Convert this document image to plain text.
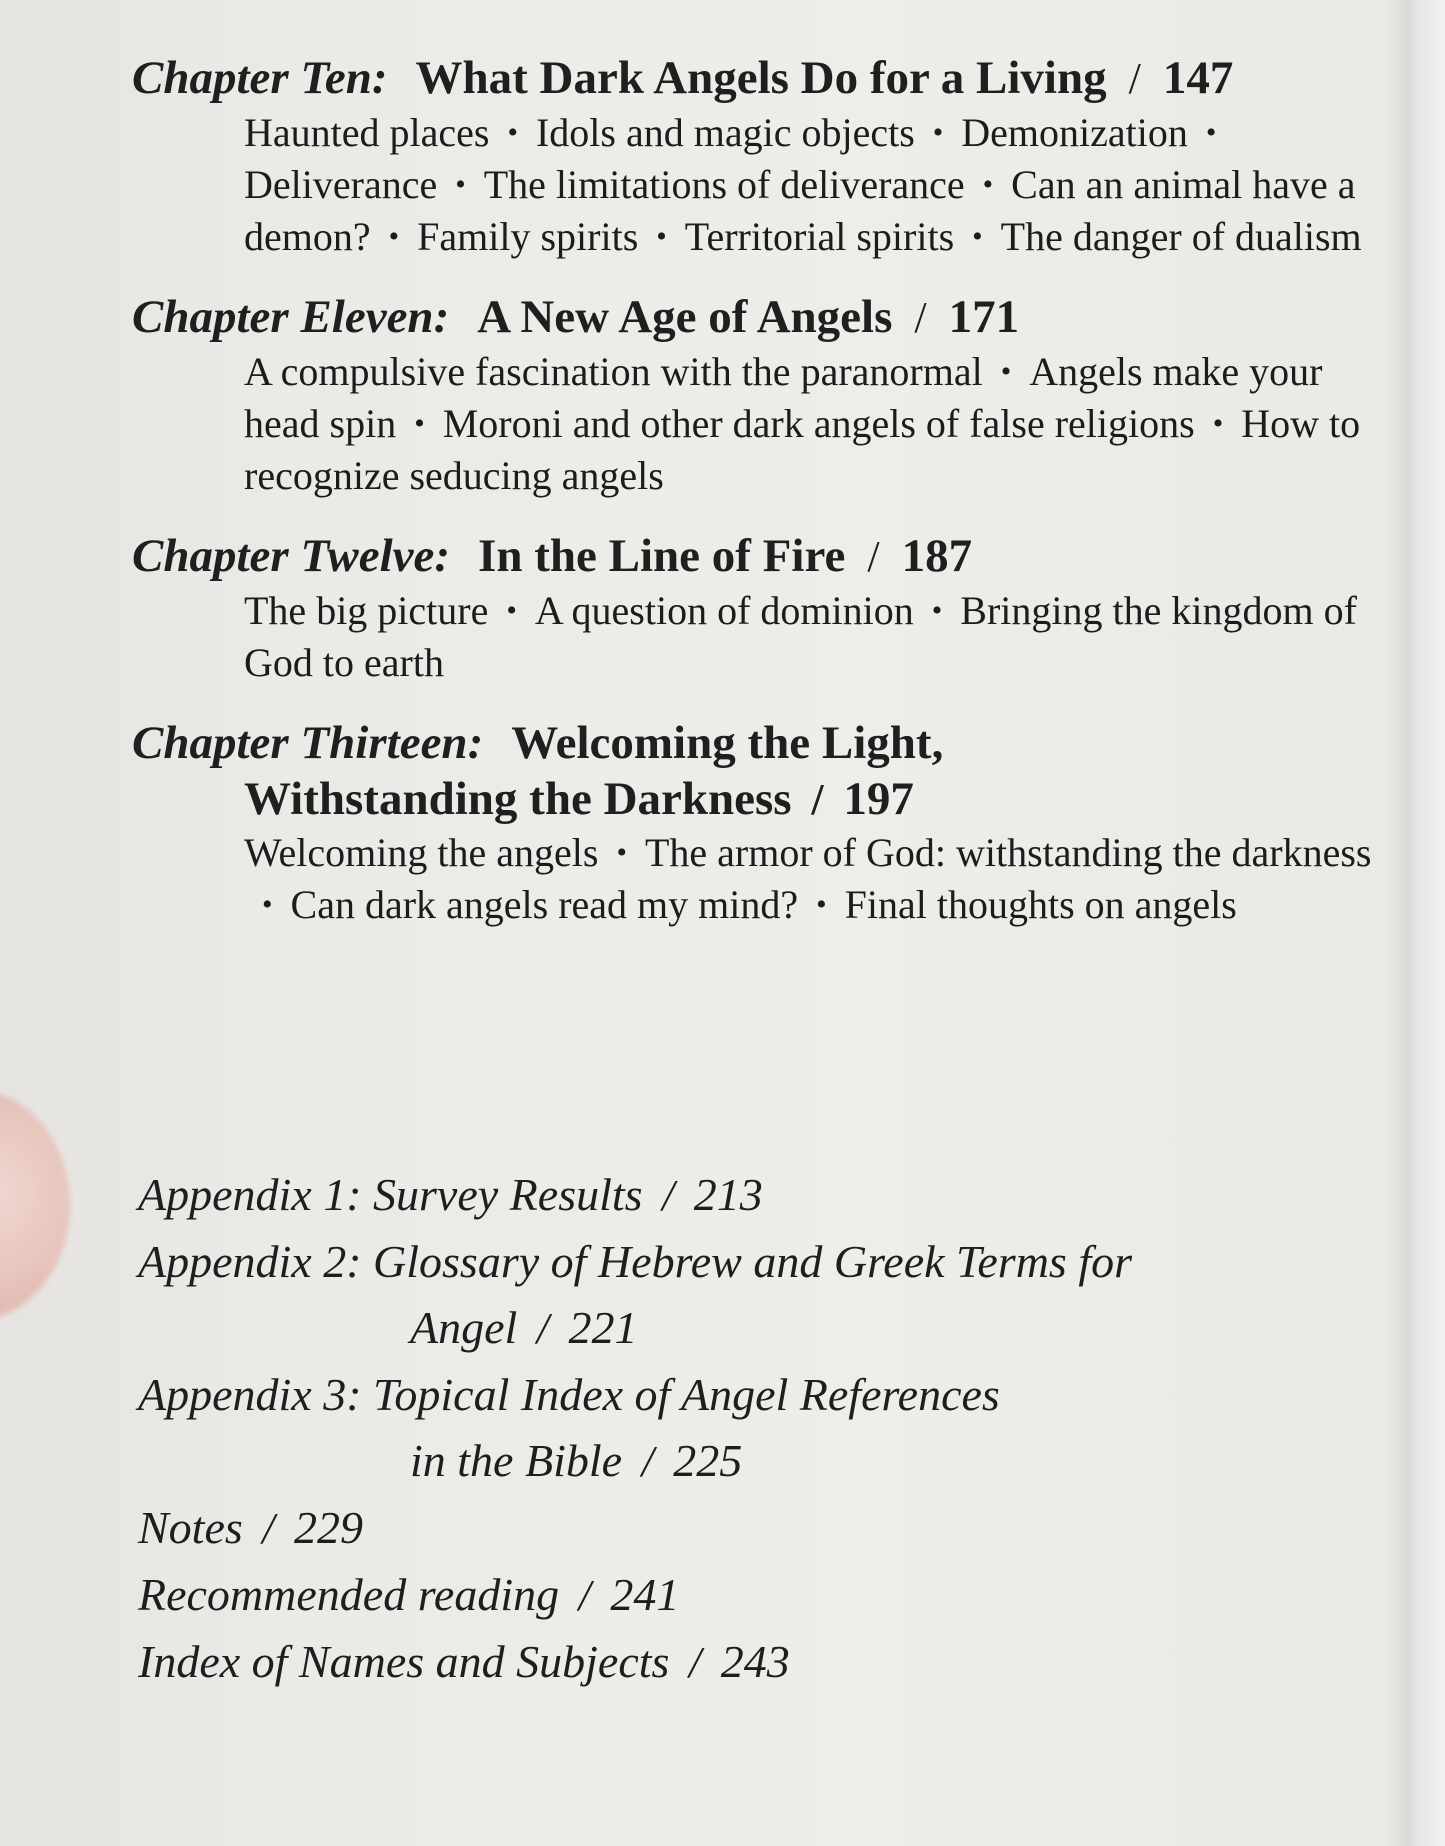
Chapter Ten: What Dark Angels Do for a Living / 147
Haunted places • Idols and magic objects • Demonization •Deliverance • The limitations of deliverance • Can an animal have a demon? • Family spirits • Territorial spirits • The danger of dualism
Chapter Eleven: A New Age of Angels / 171
A compulsive fascination with the paranormal • Angels make your head spin • Moroni and other dark angels of false religions • How to recognize seducing angels
Chapter Twelve: In the Line of Fire / 187
The big picture • A question of dominion • Bringing the kingdom of God to earth
Chapter Thirteen: Welcoming the Light,
Withstanding the Darkness / 197
Welcoming the angels • The armor of God: withstanding the darkness• Can dark angels read my mind? • Final thoughts on angels
Appendix 1: Survey Results / 213
Appendix 2: Glossary of Hebrew and Greek Terms for
Angel / 221
Appendix 3: Topical Index of Angel References
in the Bible / 225
Notes / 229
Recommended reading / 241
Index of Names and Subjects / 243
